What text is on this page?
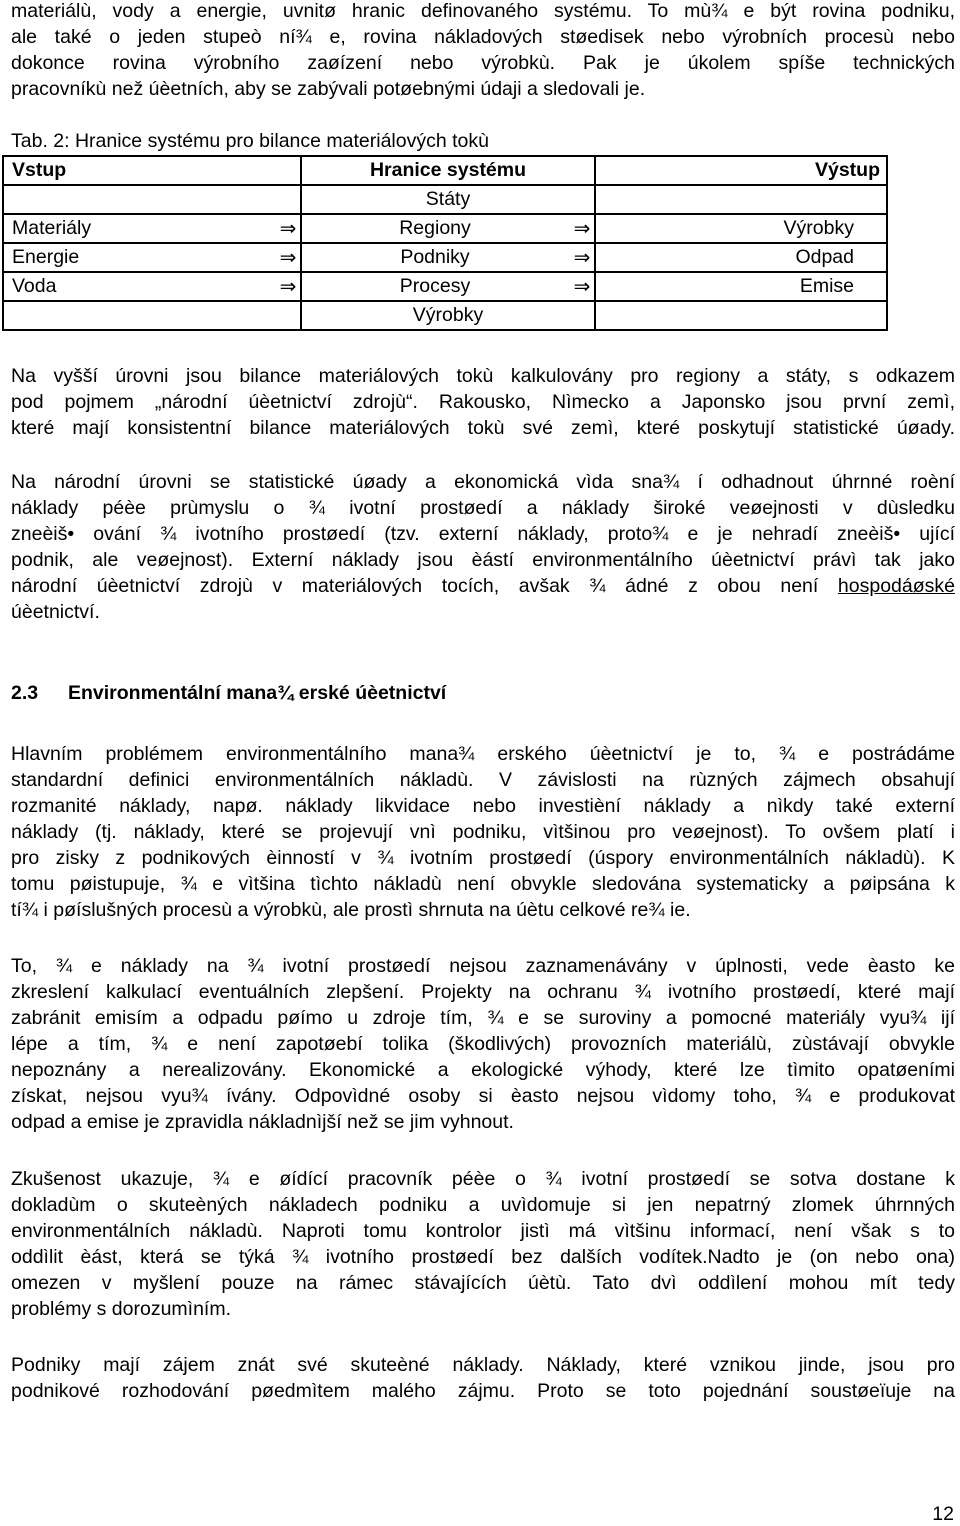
materiálù, vody a energie, uvnitø hranic definovaného systému. To mù¾ e být rovina podniku,
ale také o jeden stupeò ní¾ e, rovina nákladových støedisek nebo výrobních procesù nebo
dokonce rovina výrobního zaøízení nebo výrobkù. Pak je úkolem spíše technických
pracovníkù než úèetních, aby se zabývali potøebnými údaji a sledovali je.
Tab. 2: Hranice systému pro bilance materiálových tokù
Vstup	Hranice systému	Výstup
	Státy	

Materiály ⇒	Regiony ⇒	Výrobky

Energie ⇒	Podniky ⇒	Odpad

Voda ⇒	Procesy ⇒	Emise
	Výrobky	
Na vyšší úrovni jsou bilance materiálových tokù kalkulovány pro regiony a státy, s odkazem
pod pojmem „národní úèetnictví zdrojù“. Rakousko, Nìmecko a Japonsko jsou první zemì,
které mají konsistentní bilance materiálových tokù své zemì, které poskytují statistické úøady.
Na národní úrovni se statistické úøady a ekonomická vìda sna¾ í odhadnout úhrnné roèní
náklady péèe prùmyslu o ¾ ivotní prostøedí a náklady široké veøejnosti v dùsledku
zneèiš• ování ¾ ivotního prostøedí (tzv. externí náklady, proto¾ e je nehradí zneèiš• ující
podnik, ale veøejnost). Externí náklady jsou èástí environmentálního úèetnictví právì tak jako
národní úèetnictví zdrojù v materiálových tocích, avšak ¾ ádné z obou není hospodáøské
úèetnictví.
2.3 Environmentální mana¾ erské úèetnictví
Hlavním problémem environmentálního mana¾ erského úèetnictví je to, ¾ e postrádáme
standardní definici environmentálních nákladù. V závislosti na rùzných zájmech obsahují
rozmanité náklady, napø. náklady likvidace nebo investièní náklady a nìkdy také externí
náklady (tj. náklady, které se projevují vnì podniku, vìtšinou pro veøejnost). To ovšem platí i
pro zisky z podnikových èinností v ¾ ivotním prostøedí (úspory environmentálních nákladù). K
tomu pøistupuje, ¾ e vìtšina tìchto nákladù není obvykle sledována systematicky a pøipsána k
tí¾ i pøíslušných procesù a výrobkù, ale prostì shrnuta na úètu celkové re¾ ie.
To, ¾ e náklady na ¾ ivotní prostøedí nejsou zaznamenávány v úplnosti, vede èasto ke
zkreslení kalkulací eventuálních zlepšení. Projekty na ochranu ¾ ivotního prostøedí, které mají
zabránit emisím a odpadu pøímo u zdroje tím, ¾ e se suroviny a pomocné materiály vyu¾ ijí
lépe a tím, ¾ e není zapotøebí tolika (škodlivých) provozních materiálù, zùstávají obvykle
nepoznány a nerealizovány. Ekonomické a ekologické výhody, které lze tìmito opatøeními
získat, nejsou vyu¾ ívány. Odpovìdné osoby si èasto nejsou vìdomy toho, ¾ e produkovat
odpad a emise je zpravidla nákladnìjší než se jim vyhnout.
Zkušenost ukazuje, ¾ e øídící pracovník péèe o ¾ ivotní prostøedí se sotva dostane k
dokladùm o skuteèných nákladech podniku a uvìdomuje si jen nepatrný zlomek úhrnných
environmentálních nákladù. Naproti tomu kontrolor jistì má vìtšinu informací, není však s to
oddìlit èást, která se týká ¾ ivotního prostøedí bez dalších vodítek.Nadto je (on nebo ona)
omezen v myšlení pouze na rámec stávajících úètù. Tato dvì oddìlení mohou mít tedy
problémy s dorozumìním.
Podniky mají zájem znát své skuteèné náklady. Náklady, které vznikou jinde, jsou pro
podnikové rozhodování pøedmìtem malého zájmu. Proto se toto pojednání soustøeïuje na
12
